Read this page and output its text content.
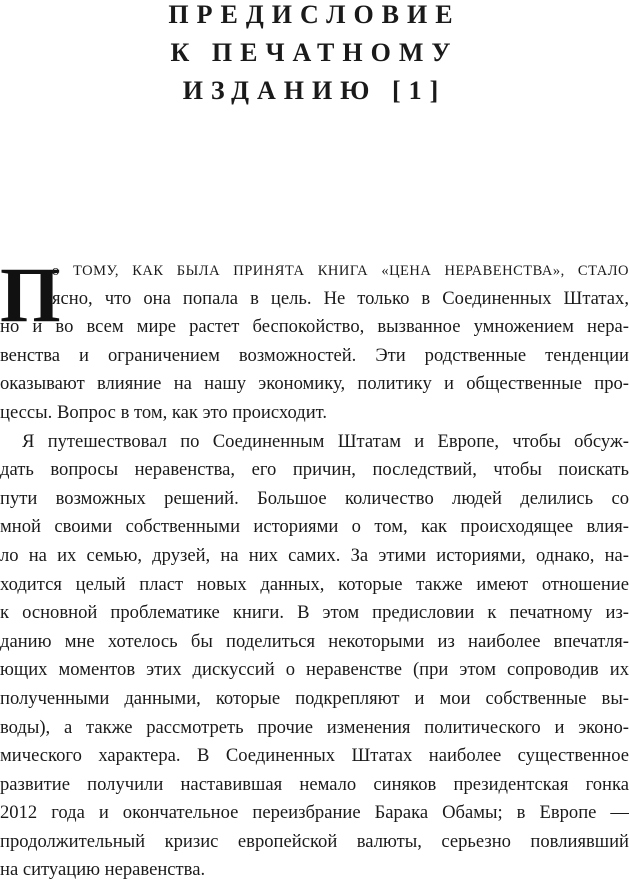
ПРЕДИСЛОВИЕ
К ПЕЧАТНОМУ
ИЗДАНИЮ [1]
П
о ТОМУ, КАК БЫЛА ПРИНЯТА КНИГА «ЦЕНА НЕРАВЕНСТВА», СТАЛО
ясно, что она попала в цель. Не только в Соединенных Штатах,
но и во всем мире растет беспокойство, вызванное умножением нера-
венства и ограничением возможностей. Эти родственные тенденции
оказывают влияние на нашу экономику, политику и общественные про-
цессы. Вопрос в том, как это происходит.
Я путешествовал по Соединенным Штатам и Европе, чтобы обсуж-
дать вопросы неравенства, его причин, последствий, чтобы поискать
пути возможных решений. Большое количество людей делились со
мной своими собственными историями о том, как происходящее влия-
ло на их семью, друзей, на них самих. За этими историями, однако, на-
ходится целый пласт новых данных, которые также имеют отношение
к основной проблематике книги. В этом предисловии к печатному из-
данию мне хотелось бы поделиться некоторыми из наиболее впечатля-
ющих моментов этих дискуссий о неравенстве (при этом сопроводив их
полученными данными, которые подкрепляют и мои собственные вы-
воды), а также рассмотреть прочие изменения политического и эконо-
мического характера. В Соединенных Штатах наиболее существенное
развитие получили наставившая немало синяков президентская гонка
2012 года и окончательное переизбрание Барака Обамы; в Европе —
продолжительный кризис европейской валюты, серьезно повлиявший
на ситуацию неравенства.
